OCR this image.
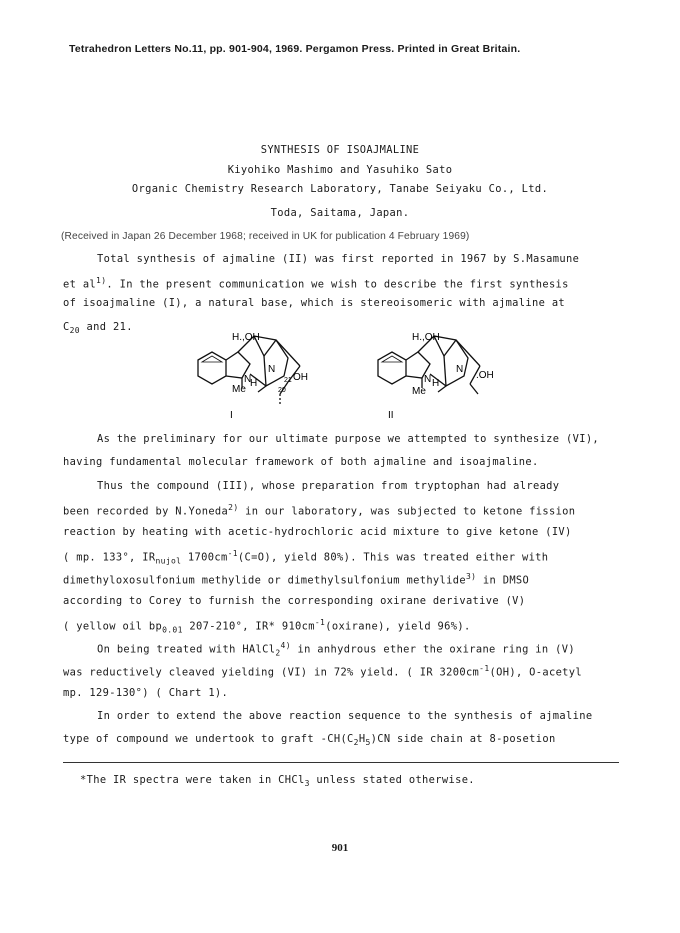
Tetrahedron Letters No.11, pp. 901-904, 1969. Pergamon Press. Printed in Great Britain.
SYNTHESIS OF ISOAJMALINE
Kiyohiko Mashimo and Yasuhiko Sato
Organic Chemistry Research Laboratory, Tanabe Seiyaku Co., Ltd.
Toda, Saitama, Japan.
(Received in Japan 26 December 1968; received in UK for publication 4 February 1969)
Total synthesis of ajmaline (II) was first reported in 1967 by S.Masamune
et $al^{1)}$. In the present communication we wish to describe the first synthesis
of isoajmaline (I), a natural base, which is stereoisomeric with ajmaline at
$C_{20}$ and 21.
H.,OH
OH
N
N
Me
H	21
20
I
H.,OH
.OH
N
N
Me
H
II
As the preliminary for our ultimate purpose we attempted to synthesize (VI),
having fundamental molecular framework of both ajmaline and isoajmaline.
Thus the compound (III), whose preparation from tryptophan had already
been recorded by N.Yoneda$^{2)}$ in our laboratory, was subjected to ketone fission
reaction by heating with acetic-hydrochloric acid mixture to give ketone (IV)
( mp. 133°, $IR_{nujol}$ $1700cm^{-1}(C=O)$, yield 80%). This was treated either with
dimethyloxosulfonium methylide or dimethylsulfonium methylide$^{3)}$ in DMSO
according to Corey to furnish the corresponding oxirane derivative (V)
( yellow oil $bp_{0.01}$ 207-210°, IR* $910cm^{-1}(oxirane)$, yield 96%).
On being treated with HAlCl$_2^{4)}$ in anhydrous ether the oxirane ring in (V)
was reductively cleaved yielding (VI) in 72% yield. ( IR $3200cm^{-1}(OH)$, O-acetyl
mp. 129-130°) ( Chart 1).
In order to extend the above reaction sequence to the synthesis of ajmaline
type of compound we undertook to graft $-CH(C_2H_5)CN$ side chain at 8-posetion
*The IR spectra were taken in CHCl$_3$ unless stated otherwise.
901
